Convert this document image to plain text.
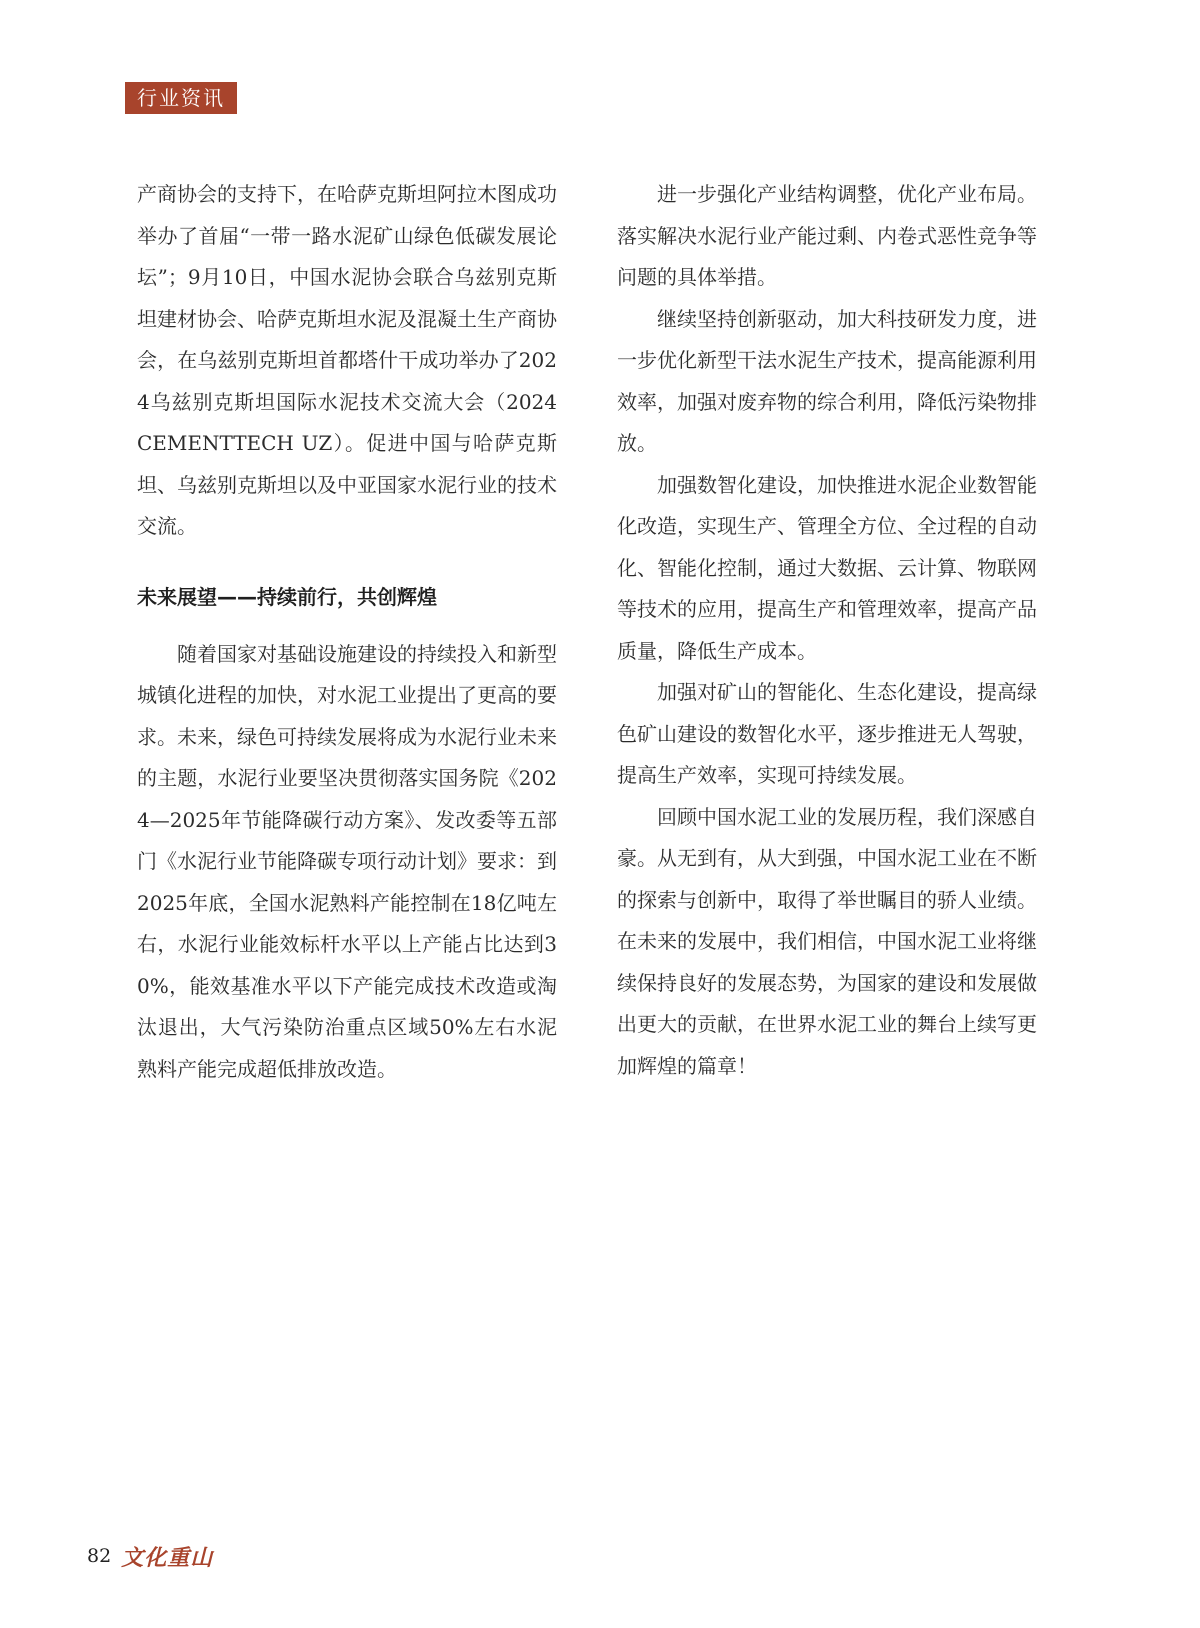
行业资讯

产商协会的支持下，在哈萨克斯坦阿拉木图成功举办了首届“一带一路水泥矿山绿色低碳发展论坛”；9月10日，中国水泥协会联合乌兹别克斯坦建材协会、哈萨克斯坦水泥及混凝土生产商协会，在乌兹别克斯坦首都塔什干成功举办了2024乌兹别克斯坦国际水泥技术交流大会（2024 CEMENTTECH UZ）。促进中国与哈萨克斯坦、乌兹别克斯坦以及中亚国家水泥行业的技术交流。

未来展望——持续前行，共创辉煌

随着国家对基础设施建设的持续投入和新型城镇化进程的加快，对水泥工业提出了更高的要求。未来，绿色可持续发展将成为水泥行业未来的主题，水泥行业要坚决贯彻落实国务院《2024—2025年节能降碳行动方案》、发改委等五部门《水泥行业节能降碳专项行动计划》要求：到2025年底，全国水泥熟料产能控制在18亿吨左右，水泥行业能效标杆水平以上产能占比达到30%，能效基准水平以下产能完成技术改造或淘汰退出，大气污染防治重点区域50%左右水泥熟料产能完成超低排放改造。

进一步强化产业结构调整，优化产业布局。落实解决水泥行业产能过剩、内卷式恶性竞争等问题的具体举措。

继续坚持创新驱动，加大科技研发力度，进一步优化新型干法水泥生产技术，提高能源利用效率，加强对废弃物的综合利用，降低污染物排放。

加强数智化建设，加快推进水泥企业数智能化改造，实现生产、管理全方位、全过程的自动化、智能化控制，通过大数据、云计算、物联网等技术的应用，提高生产和管理效率，提高产品质量，降低生产成本。

加强对矿山的智能化、生态化建设，提高绿色矿山建设的数智化水平，逐步推进无人驾驶，提高生产效率，实现可持续发展。

回顾中国水泥工业的发展历程，我们深感自豪。从无到有，从大到强，中国水泥工业在不断的探索与创新中，取得了举世瞩目的骄人业绩。在未来的发展中，我们相信，中国水泥工业将继续保持良好的发展态势，为国家的建设和发展做出更大的贡献，在世界水泥工业的舞台上续写更加辉煌的篇章！

82 文化重山
